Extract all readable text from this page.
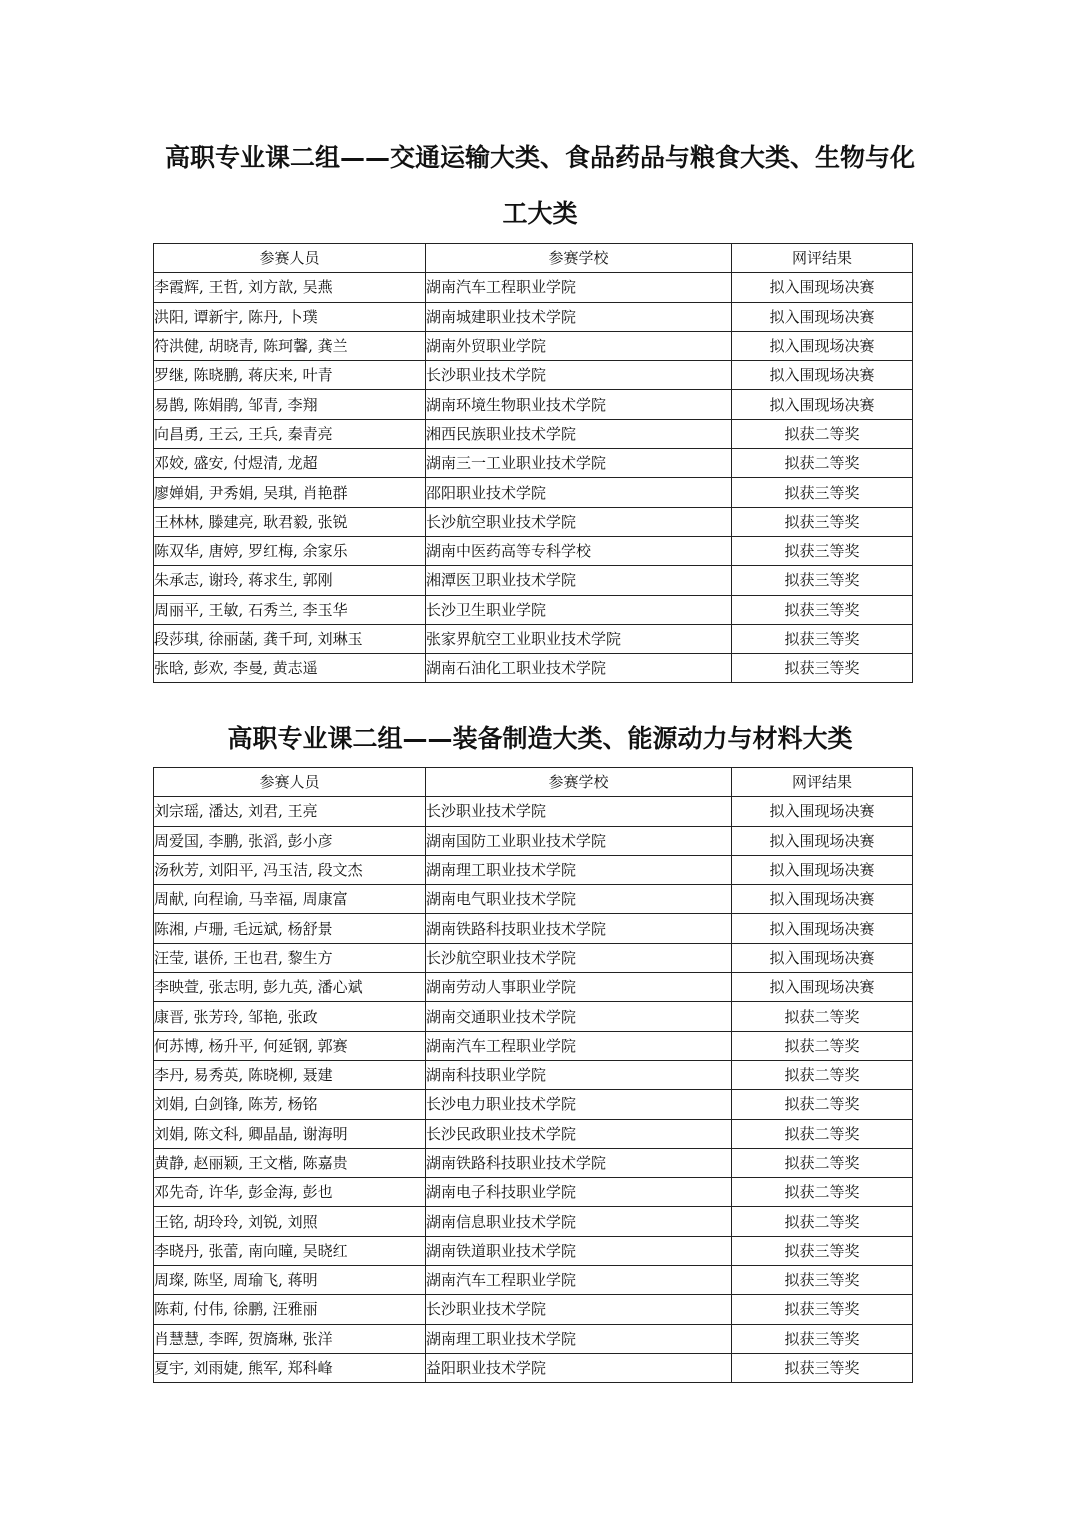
高职专业课二组——交通运输大类、食品药品与粮食大类、生物与化
工大类
参赛人员	参赛学校	网评结果
李霞辉, 王哲, 刘方歆, 吴燕	湖南汽车工程职业学院	拟入围现场决赛
洪阳, 谭新宇, 陈丹, 卜璞	湖南城建职业技术学院	拟入围现场决赛
符洪健, 胡晓青, 陈珂馨, 龚兰	湖南外贸职业学院	拟入围现场决赛
罗继, 陈晓鹏, 蒋庆来, 叶青	长沙职业技术学院	拟入围现场决赛
易鹊, 陈娟鹃, 邹青, 李翔	湖南环境生物职业技术学院	拟入围现场决赛
向昌勇, 王云, 王兵, 秦青亮	湘西民族职业技术学院	拟获二等奖
邓姣, 盛安, 付煜清, 龙超	湖南三一工业职业技术学院	拟获二等奖
廖婵娟, 尹秀娟, 吴琪, 肖艳群	邵阳职业技术学院	拟获三等奖
王林林, 滕建亮, 耿君毅, 张锐	长沙航空职业技术学院	拟获三等奖
陈双华, 唐婷, 罗红梅, 余家乐	湖南中医药高等专科学校	拟获三等奖
朱承志, 谢玲, 蒋求生, 郭刚	湘潭医卫职业技术学院	拟获三等奖
周丽平, 王敏, 石秀兰, 李玉华	长沙卫生职业学院	拟获三等奖
段莎琪, 徐丽菡, 龚千珂, 刘琳玉	张家界航空工业职业技术学院	拟获三等奖
张晗, 彭欢, 李曼, 黄志遥	湖南石油化工职业技术学院	拟获三等奖
高职专业课二组——装备制造大类、能源动力与材料大类
参赛人员	参赛学校	网评结果
刘宗瑶, 潘达, 刘君, 王亮	长沙职业技术学院	拟入围现场决赛
周爱国, 李鹏, 张滔, 彭小彦	湖南国防工业职业技术学院	拟入围现场决赛
汤秋芳, 刘阳平, 冯玉洁, 段文杰	湖南理工职业技术学院	拟入围现场决赛
周献, 向程谕, 马幸福, 周康富	湖南电气职业技术学院	拟入围现场决赛
陈湘, 卢珊, 毛远斌, 杨舒景	湖南铁路科技职业技术学院	拟入围现场决赛
汪莹, 谌侨, 王也君, 黎生方	长沙航空职业技术学院	拟入围现场决赛
李映萱, 张志明, 彭九英, 潘心斌	湖南劳动人事职业学院	拟入围现场决赛
康晋, 张芳玲, 邹艳, 张政	湖南交通职业技术学院	拟获二等奖
何苏博, 杨升平, 何延钢, 郭赛	湖南汽车工程职业学院	拟获二等奖
李丹, 易秀英, 陈晓柳, 聂建	湖南科技职业学院	拟获二等奖
刘娟, 白剑锋, 陈芳, 杨铭	长沙电力职业技术学院	拟获二等奖
刘娟, 陈文科, 卿晶晶, 谢海明	长沙民政职业技术学院	拟获二等奖
黄静, 赵丽颖, 王文楷, 陈嘉贵	湖南铁路科技职业技术学院	拟获二等奖
邓先奇, 许华, 彭金海, 彭也	湖南电子科技职业学院	拟获二等奖
王铭, 胡玲玲, 刘锐, 刘照	湖南信息职业技术学院	拟获二等奖
李晓丹, 张蕾, 南向曈, 吴晓红	湖南铁道职业技术学院	拟获三等奖
周璨, 陈坚, 周瑜飞, 蒋明	湖南汽车工程职业学院	拟获三等奖
陈莉, 付伟, 徐鹏, 汪雅丽	长沙职业技术学院	拟获三等奖
肖慧慧, 李晖, 贺旖琳, 张洋	湖南理工职业技术学院	拟获三等奖
夏宇, 刘雨婕, 熊军, 郑科峰	益阳职业技术学院	拟获三等奖
